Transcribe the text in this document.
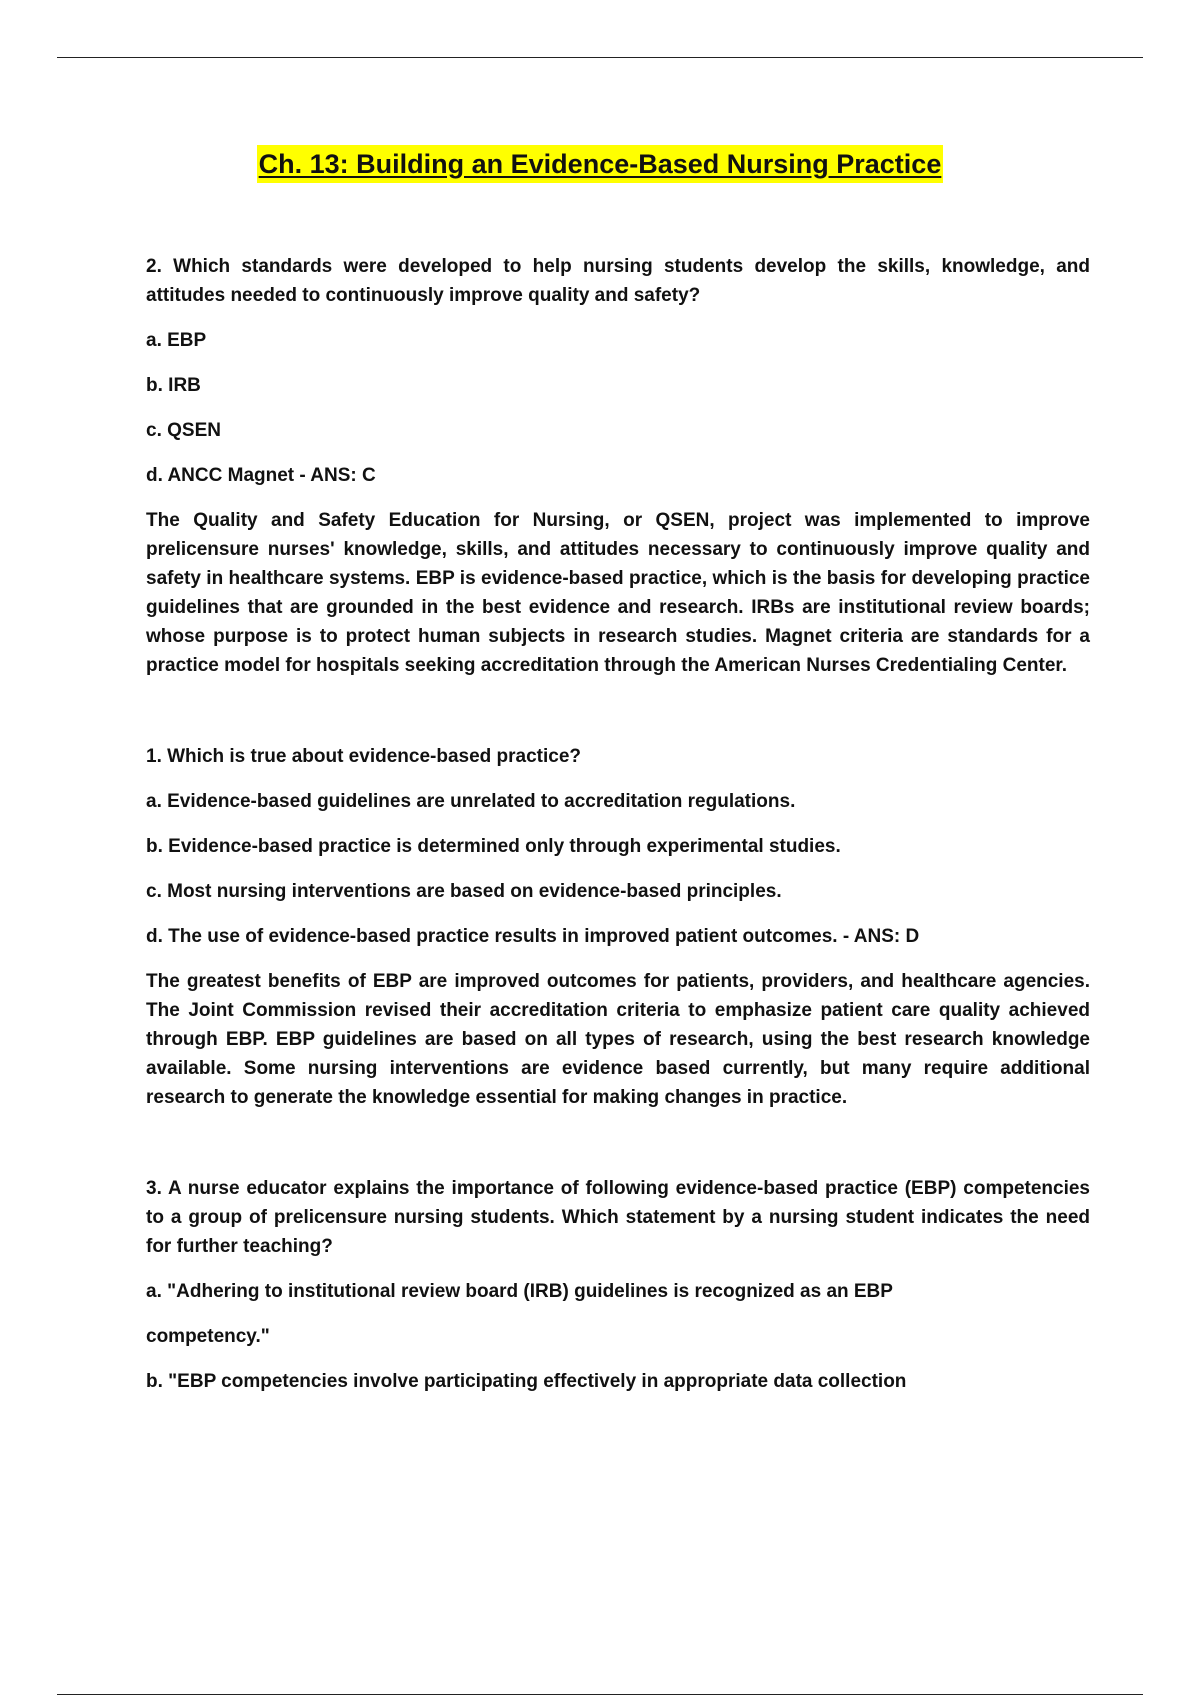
Ch. 13: Building an Evidence-Based Nursing Practice

2. Which standards were developed to help nursing students develop the skills, knowledge, and attitudes needed to continuously improve quality and safety?

a. EBP

b. IRB

c. QSEN

d. ANCC Magnet - ANS: C

The Quality and Safety Education for Nursing, or QSEN, project was implemented to improve prelicensure nurses' knowledge, skills, and attitudes necessary to continuously improve quality and safety in healthcare systems. EBP is evidence-based practice, which is the basis for developing practice guidelines that are grounded in the best evidence and research. IRBs are institutional review boards; whose purpose is to protect human subjects in research studies. Magnet criteria are standards for a practice model for hospitals seeking accreditation through the American Nurses Credentialing Center.

1. Which is true about evidence-based practice?

a. Evidence-based guidelines are unrelated to accreditation regulations.

b. Evidence-based practice is determined only through experimental studies.

c. Most nursing interventions are based on evidence-based principles.

d. The use of evidence-based practice results in improved patient outcomes. - ANS: D

The greatest benefits of EBP are improved outcomes for patients, providers, and healthcare agencies. The Joint Commission revised their accreditation criteria to emphasize patient care quality achieved through EBP. EBP guidelines are based on all types of research, using the best research knowledge available. Some nursing interventions are evidence based currently, but many require additional research to generate the knowledge essential for making changes in practice.

3. A nurse educator explains the importance of following evidence-based practice (EBP) competencies to a group of prelicensure nursing students. Which statement by a nursing student indicates the need for further teaching?

a. "Adhering to institutional review board (IRB) guidelines is recognized as an EBP

competency."

b. "EBP competencies involve participating effectively in appropriate data collection
